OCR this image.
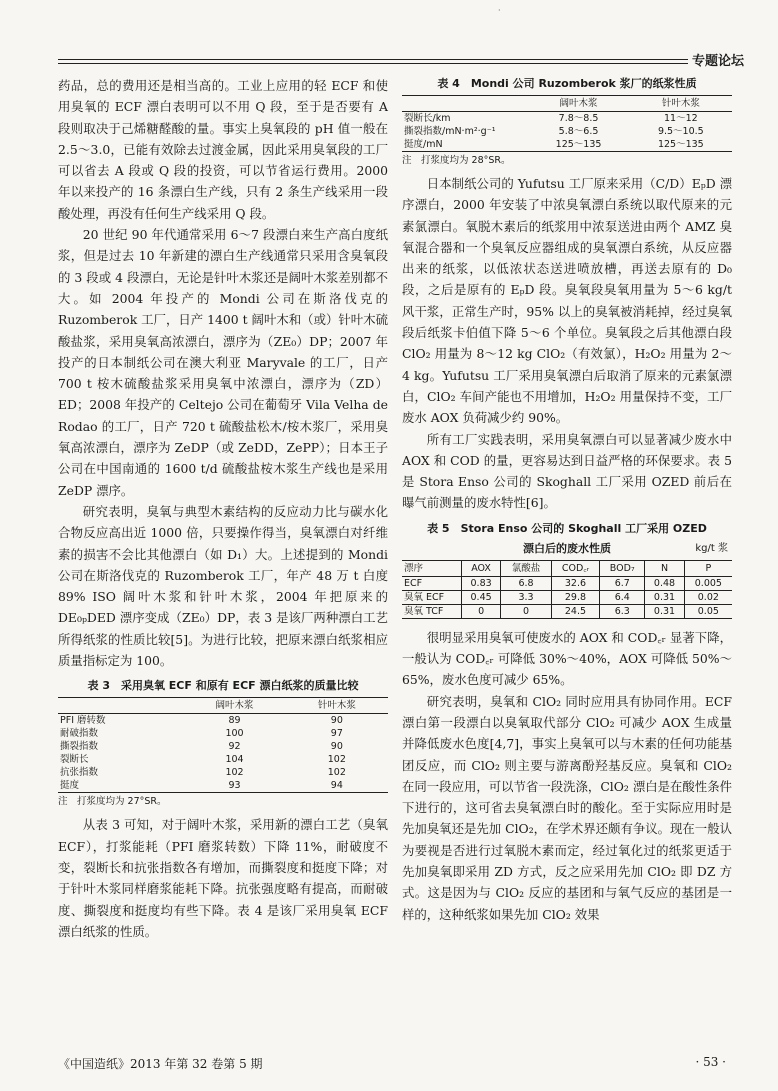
·
专题论坛

药品，总的费用还是相当高的。工业上应用的轻 ECF 和使用臭氧的 ECF 漂白表明可以不用 Q 段，至于是否要有 A 段则取决于己烯糖醛酸的量。事实上臭氧段的 pH 值一般在 2.5～3.0，已能有效除去过渡金属，因此采用臭氧段的工厂可以省去 A 段或 Q 段的投资，可以节省运行费用。2000 年以来投产的 16 条漂白生产线，只有 2 条生产线采用一段酸处理，再没有任何生产线采用 Q 段。

20 世纪 90 年代通常采用 6～7 段漂白来生产高白度纸浆，但是过去 10 年新建的漂白生产线通常只采用含臭氧段的 3 段或 4 段漂白，无论是针叶木浆还是阔叶木浆差别都不大。如 2004 年投产的 Mondi 公司在斯洛伐克的 Ruzomberok 工厂，日产 1400 t 阔叶木和（或）针叶木硫酸盐浆，采用臭氧高浓漂白，漂序为（ZE₀）DP；2007 年投产的日本制纸公司在澳大利亚 Maryvale 的工厂，日产 700 t 桉木硫酸盐浆采用臭氧中浓漂白，漂序为（ZD）ED；2008 年投产的 Celtejo 公司在葡萄牙 Vila Velha de Rodao 的工厂，日产 720 t 硫酸盐松木/桉木浆厂，采用臭氧高浓漂白，漂序为 ZeDP（或 ZeDD，ZePP）；日本王子公司在中国南通的 1600 t/d 硫酸盐桉木浆生产线也是采用 ZeDP 漂序。

研究表明，臭氧与典型木素结构的反应动力比与碳水化合物反应高出近 1000 倍，只要操作得当，臭氧漂白对纤维素的损害不会比其他漂白（如 D₁）大。上述提到的 Mondi 公司在斯洛伐克的 Ruzomberok 工厂，年产 48 万 t 白度 89% ISO 阔叶木浆和针叶木浆，2004 年把原来的 DE₀ₚDED 漂序变成（ZE₀）DP，表 3 是该厂两种漂白工艺所得纸浆的性质比较[5]。为进行比较，把原来漂白纸浆相应质量指标定为 100。

表 3　采用臭氧 ECF 和原有 ECF 漂白纸浆的质量比较
	阔叶木浆	针叶木浆
PFI 磨转数	89	90
耐破指数	100	97
撕裂指数	92	90
裂断长	104	102
抗张指数	102	102
挺度	93	94
注　打浆度均为 27°SR。

从表 3 可知，对于阔叶木浆，采用新的漂白工艺（臭氧 ECF），打浆能耗（PFI 磨浆转数）下降 11%，耐破度不变，裂断长和抗张指数各有增加，而撕裂度和挺度下降；对于针叶木浆同样磨浆能耗下降。抗张强度略有提高，而耐破度、撕裂度和挺度均有些下降。表 4 是该厂采用臭氧 ECF 漂白纸浆的性质。

表 4　Mondi 公司 Ruzomberok 浆厂的纸浆性质
	阔叶木浆	针叶木浆
裂断长/km	7.8～8.5	11～12
撕裂指数/mN·m²·g⁻¹	5.8～6.5	9.5～10.5
挺度/mN	125～135	125～135
注　打浆度均为 28°SR。

日本制纸公司的 Yufutsu 工厂原来采用（C/D）EₚD 漂序漂白，2000 年安装了中浓臭氧漂白系统以取代原来的元素氯漂白。氧脱木素后的纸浆用中浓泵送进由两个 AMZ 臭氧混合器和一个臭氧反应器组成的臭氧漂白系统，从反应器出来的纸浆，以低浓状态送进喷放槽，再送去原有的 D₀ 段，之后是原有的 EₚD 段。臭氧段臭氧用量为 5～6 kg/t 风干浆，正常生产时，95% 以上的臭氧被消耗掉，经过臭氧段后纸浆卡伯值下降 5～6 个单位。臭氧段之后其他漂白段 ClO₂ 用量为 8～12 kg ClO₂（有效氯），H₂O₂ 用量为 2～4 kg。Yufutsu 工厂采用臭氧漂白后取消了原来的元素氯漂白，ClO₂ 车间产能也不用增加，H₂O₂ 用量保持不变，工厂废水 AOX 负荷减少约 90%。

所有工厂实践表明，采用臭氧漂白可以显著减少废水中 AOX 和 COD 的量，更容易达到日益严格的环保要求。表 5 是 Stora Enso 公司的 Skoghall 工厂采用 OZED 前后在曝气前测量的废水特性[6]。

表 5　Stora Enso 公司的 Skoghall 工厂采用 OZED
漂白后的废水性质	kg/t 浆
漂序	AOX	氯酸盐	COD꜀ᵣ	BOD₇	N	P
ECF	0.83	6.8	32.6	6.7	0.48	0.005
臭氧 ECF	0.45	3.3	29.8	6.4	0.31	0.02
臭氧 TCF	0	0	24.5	6.3	0.31	0.05

很明显采用臭氧可使废水的 AOX 和 COD꜀ᵣ 显著下降，一般认为 COD꜀ᵣ 可降低 30%～40%，AOX 可降低 50%～65%，废水色度可减少 65%。

研究表明，臭氧和 ClO₂ 同时应用具有协同作用。ECF 漂白第一段漂白以臭氧取代部分 ClO₂ 可减少 AOX 生成量并降低废水色度[4,7]，事实上臭氧可以与木素的任何功能基团反应，而 ClO₂ 则主要与游离酚羟基反应。臭氧和 ClO₂ 在同一段应用，可以节省一段洗涤，ClO₂ 漂白是在酸性条件下进行的，这可省去臭氧漂白时的酸化。至于实际应用时是先加臭氧还是先加 ClO₂，在学术界还颇有争议。现在一般认为要视是否进行过氧脱木素而定，经过氧化过的纸浆更适于先加臭氧即采用 ZD 方式，反之应采用先加 ClO₂ 即 DZ 方式。这是因为与 ClO₂ 反应的基团和与氧气反应的基团是一样的，这种纸浆如果先加 ClO₂ 效果

《中国造纸》2013 年第 32 卷第 5 期	· 53 ·
